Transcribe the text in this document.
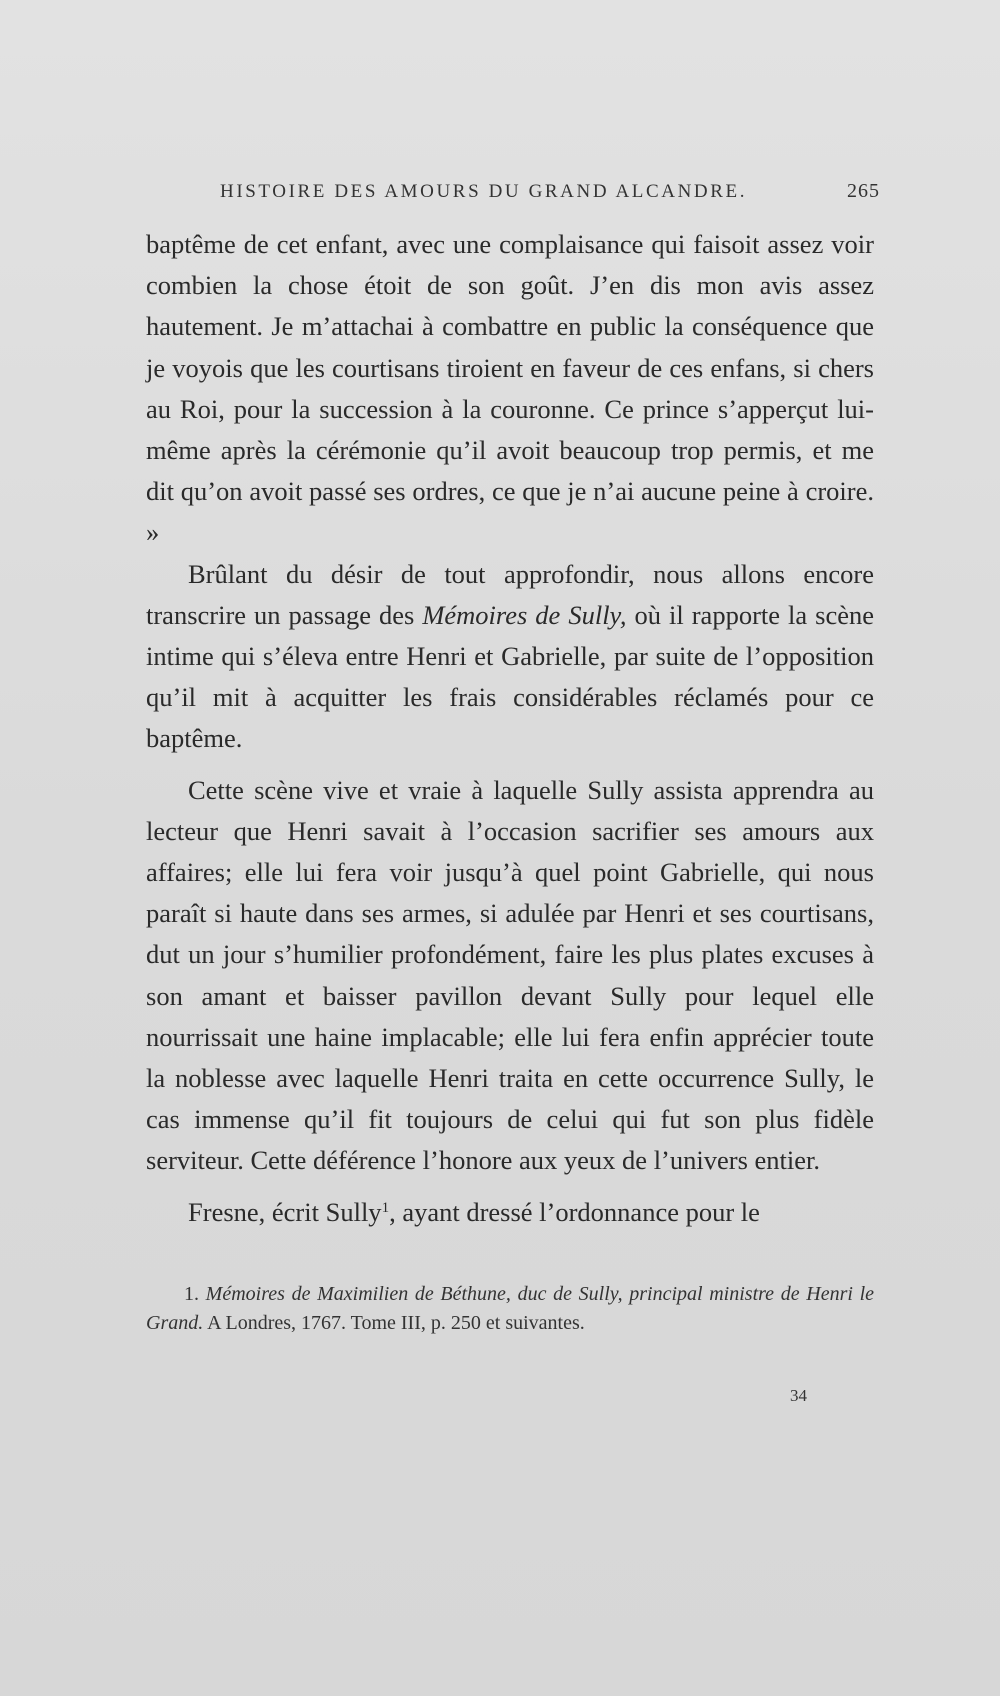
HISTOIRE DES AMOURS DU GRAND ALCANDRE.	265

baptême de cet enfant, avec une complaisance qui faisoit assez voir combien la chose étoit de son goût. J’en dis mon avis assez hautement. Je m’attachai à combattre en public la conséquence que je voyois que les courtisans tiroient en faveur de ces enfans, si chers au Roi, pour la succession à la couronne. Ce prince s’apperçut lui-même après la cérémonie qu’il avoit beaucoup trop permis, et me dit qu’on avoit passé ses ordres, ce que je n’ai aucune peine à croire. »

Brûlant du désir de tout approfondir, nous allons encore transcrire un passage des Mémoires de Sully, où il rapporte la scène intime qui s’éleva entre Henri et Gabrielle, par suite de l’opposition qu’il mit à acquitter les frais considérables réclamés pour ce baptême.

Cette scène vive et vraie à laquelle Sully assista apprendra au lecteur que Henri savait à l’occasion sacrifier ses amours aux affaires; elle lui fera voir jusqu’à quel point Gabrielle, qui nous paraît si haute dans ses armes, si adulée par Henri et ses courtisans, dut un jour s’humilier profondément, faire les plus plates excuses à son amant et baisser pavillon devant Sully pour lequel elle nourrissait une haine implacable; elle lui fera enfin apprécier toute la noblesse avec laquelle Henri traita en cette occurrence Sully, le cas immense qu’il fit toujours de celui qui fut son plus fidèle serviteur. Cette déférence l’honore aux yeux de l’univers entier.

Fresne, écrit Sully$^1$, ayant dressé l’ordonnance pour le

1. Mémoires de Maximilien de Béthune, duc de Sully, principal ministre de Henri le Grand. A Londres, 1767. Tome III, p. 250 et suivantes.
34
